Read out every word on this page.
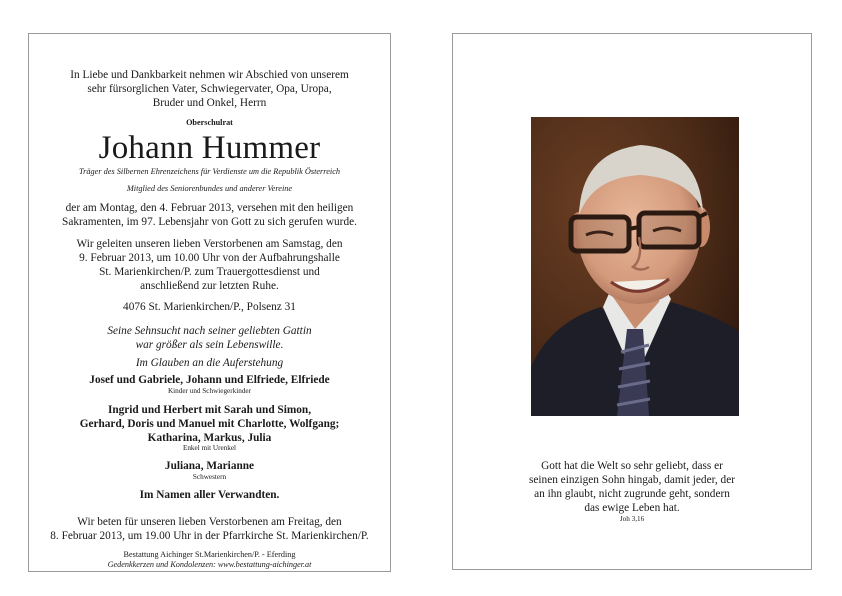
In Liebe und Dankbarkeit nehmen wir Abschied von unserem
sehr fürsorglichen Vater, Schwiegervater, Opa, Uropa,
Bruder und Onkel, Herrn
Oberschulrat
Johann Hummer
Träger des Silbernen Ehrenzeichens für Verdienste um die Republik Österreich
Mitglied des Seniorenbundes und anderer Vereine
der am Montag, den 4. Februar 2013, versehen mit den heiligen
Sakramenten, im 97. Lebensjahr von Gott zu sich gerufen wurde.
Wir geleiten unseren lieben Verstorbenen am Samstag, den
9. Februar 2013, um 10.00 Uhr von der Aufbahrungshalle
St. Marienkirchen/P. zum Trauergottesdienst und
anschließend zur letzten Ruhe.
4076 St. Marienkirchen/P., Polsenz 31
Seine Sehnsucht nach seiner geliebten Gattin
war größer als sein Lebenswille.
Im Glauben an die Auferstehung
Josef und Gabriele, Johann und Elfriede, Elfriede
Kinder und Schwiegerkinder
Ingrid und Herbert mit Sarah und Simon,
Gerhard, Doris und Manuel mit Charlotte, Wolfgang;
Katharina, Markus, Julia
Enkel mit Urenkel
Juliana, Marianne
Schwestern
Im Namen aller Verwandten.
Wir beten für unseren lieben Verstorbenen am Freitag, den
8. Februar 2013, um 19.00 Uhr in der Pfarrkirche St. Marienkirchen/P.
Bestattung Aichinger St.Marienkirchen/P. - Eferding
Gedenkkerzen und Kondolenzen: www.bestattung-aichinger.at
Gott hat die Welt so sehr geliebt, dass er
seinen einzigen Sohn hingab, damit jeder, der
an ihn glaubt, nicht zugrunde geht, sondern
das ewige Leben hat.
Joh 3,16
